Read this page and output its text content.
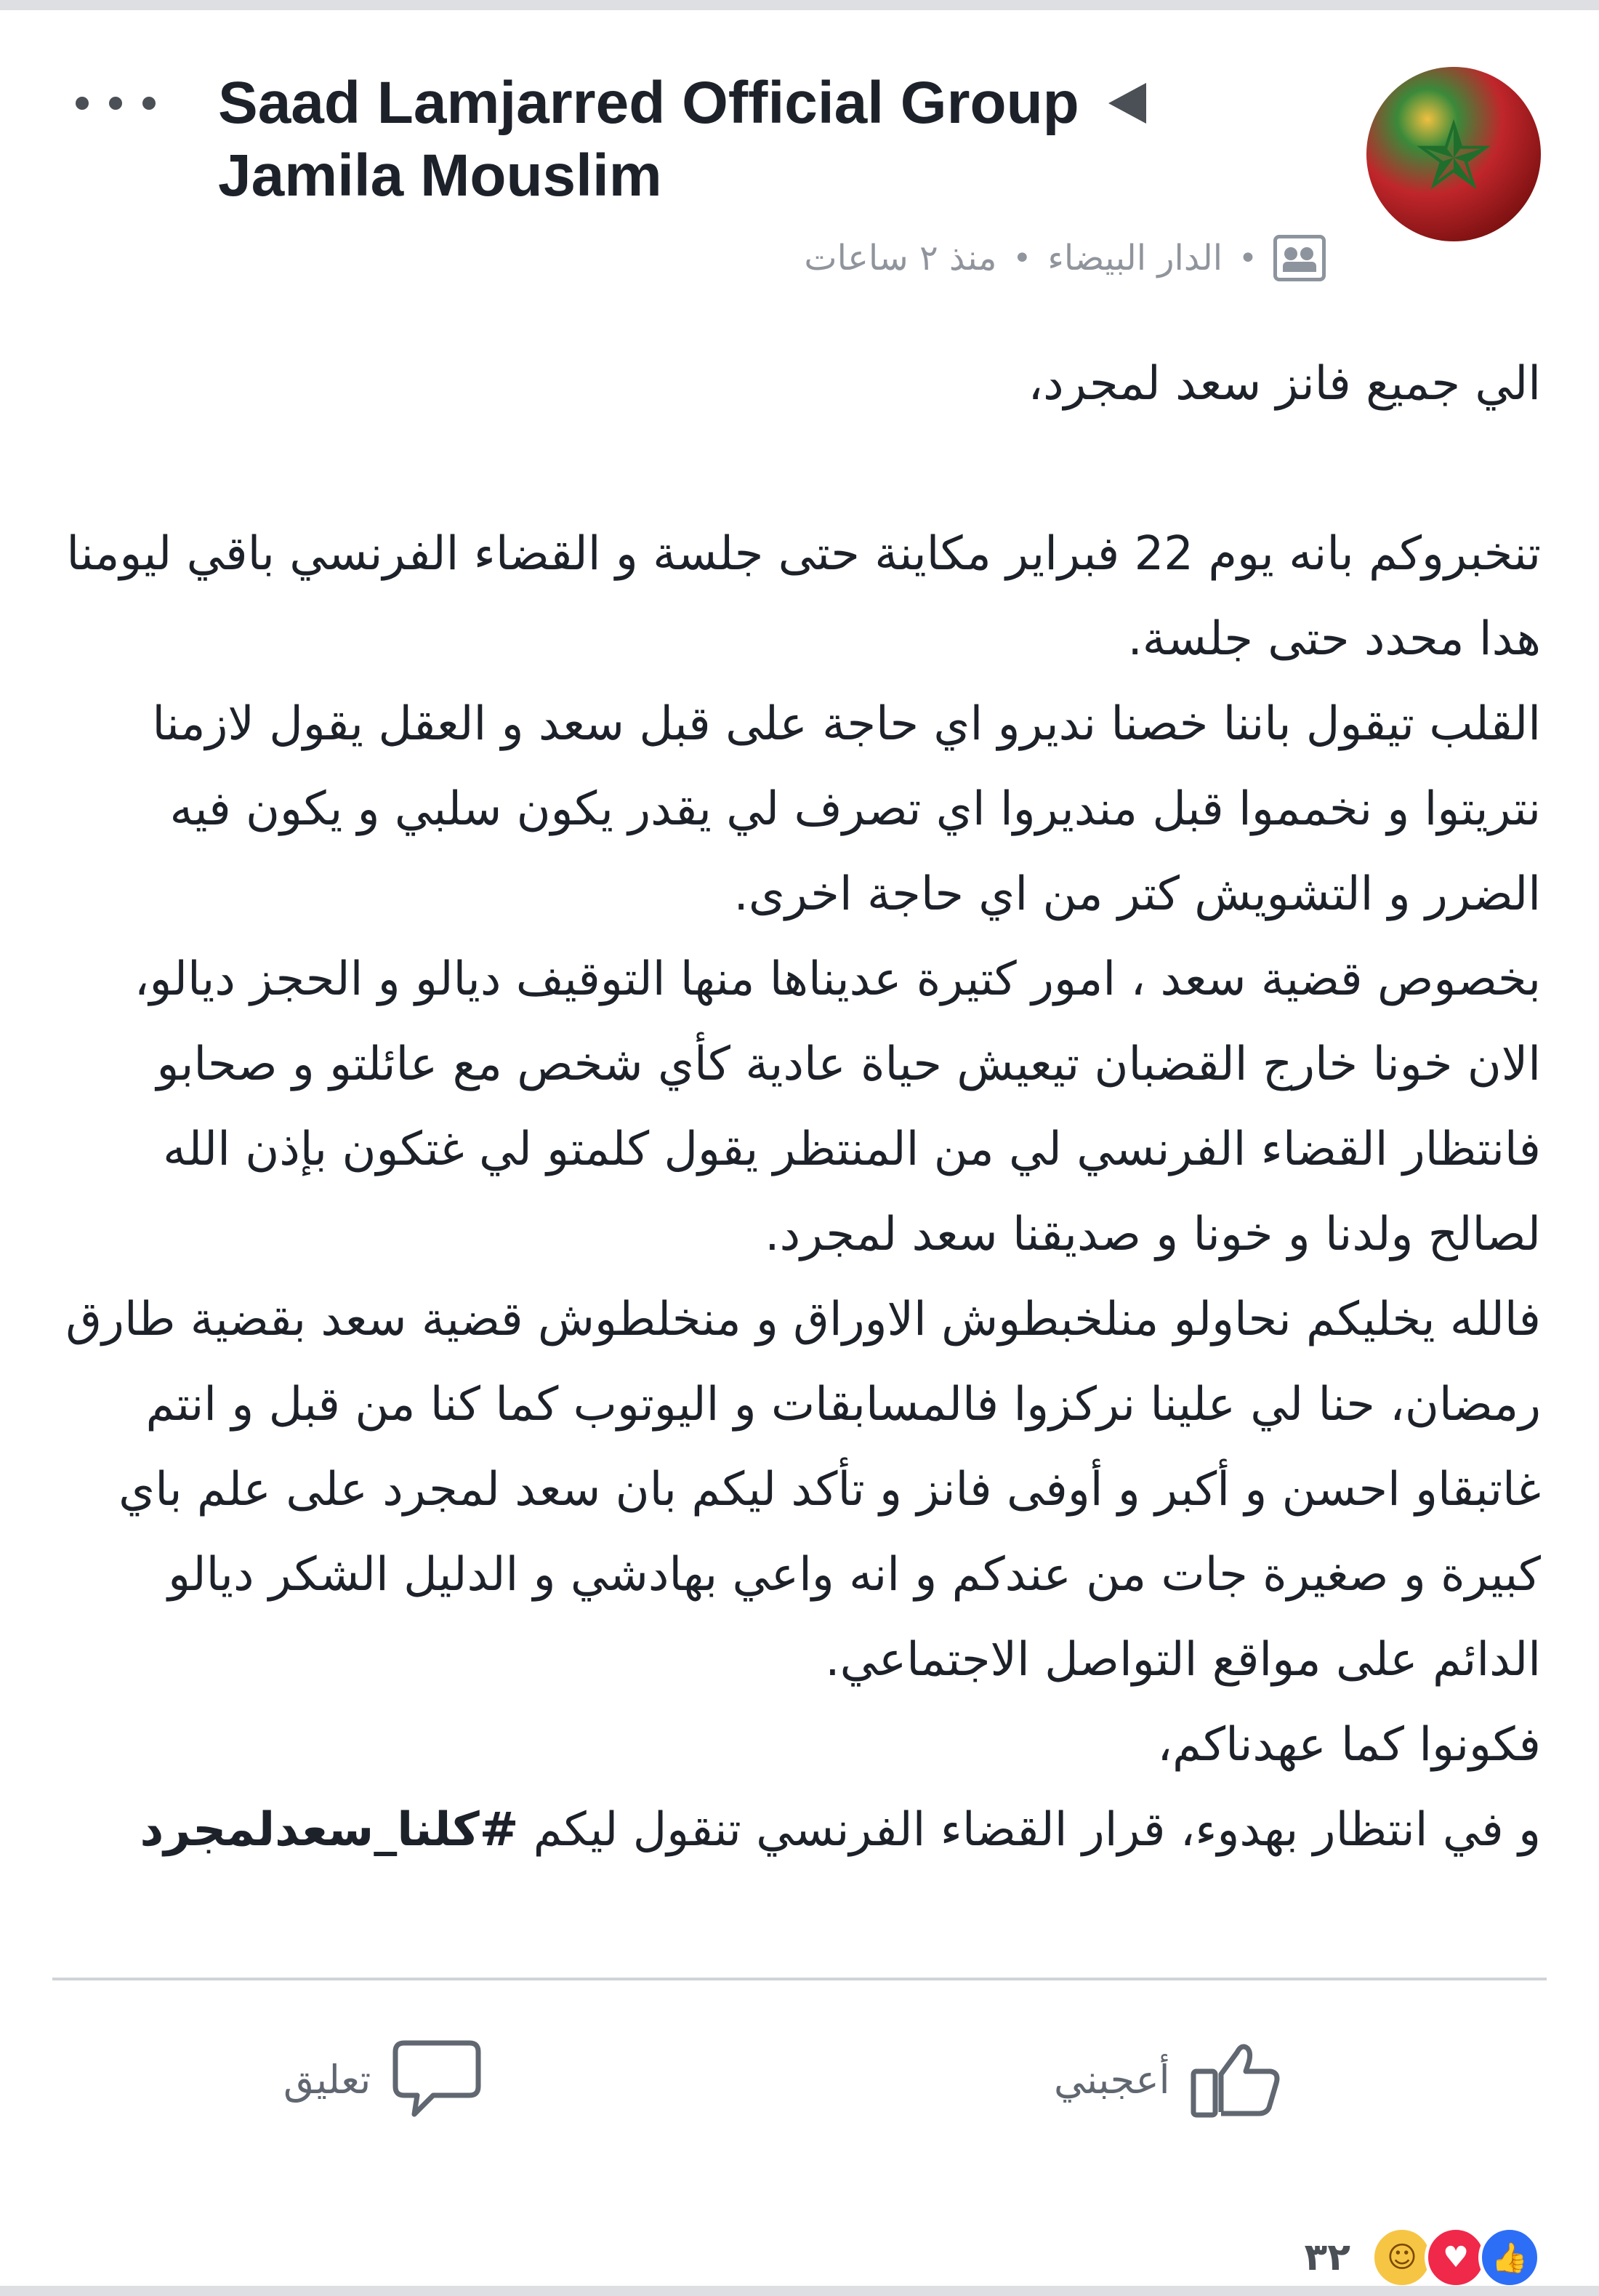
Saad Lamjarred Official Group
Jamila Mouslim	✯
منذ ٢ ساعات • الدار البيضاء •

الي جميع فانز سعد لمجرد،

تنخبروكم بانه يوم 22 فبراير مكاينة حتى جلسة و القضاء الفرنسي باقي ليومنا هدا محدد حتى جلسة.

القلب تيقول باننا خصنا نديرو اي حاجة على قبل سعد و العقل يقول لازمنا نتريتوا و نخمموا قبل منديروا اي تصرف لي يقدر يكون سلبي و يكون فيه الضرر و التشويش كتر من اي حاجة اخرى.

بخصوص قضية سعد ، امور كتيرة عديناها منها التوقيف ديالو و الحجز ديالو، الان خونا خارج القضبان تيعيش حياة عادية كأي شخص مع عائلتو و صحابو فانتظار القضاء الفرنسي لي من المنتظر يقول كلمتو لي غتكون بإذن الله لصالح ولدنا و خونا و صديقنا سعد لمجرد.

فالله يخليكم نحاولو منلخبطوش الاوراق و منخلطوش قضية سعد بقضية طارق رمضان، حنا لي علينا نركزوا فالمسابقات و اليوتوب كما كنا من قبل و انتم غاتبقاو احسن و أكبر و أوفى فانز و تأكد ليكم بان سعد لمجرد على علم باي كبيرة و صغيرة جات من عندكم و انه واعي بهادشي و الدليل الشكر ديالو الدائم على مواقع التواصل الاجتماعي.

فكونوا كما عهدناكم،

و في انتظار بهدوء، قرار القضاء الفرنسي تنقول ليكم #كلنا_سعدلمجرد

أعجبني
تعليق
👍
♥
☺
٣٢
